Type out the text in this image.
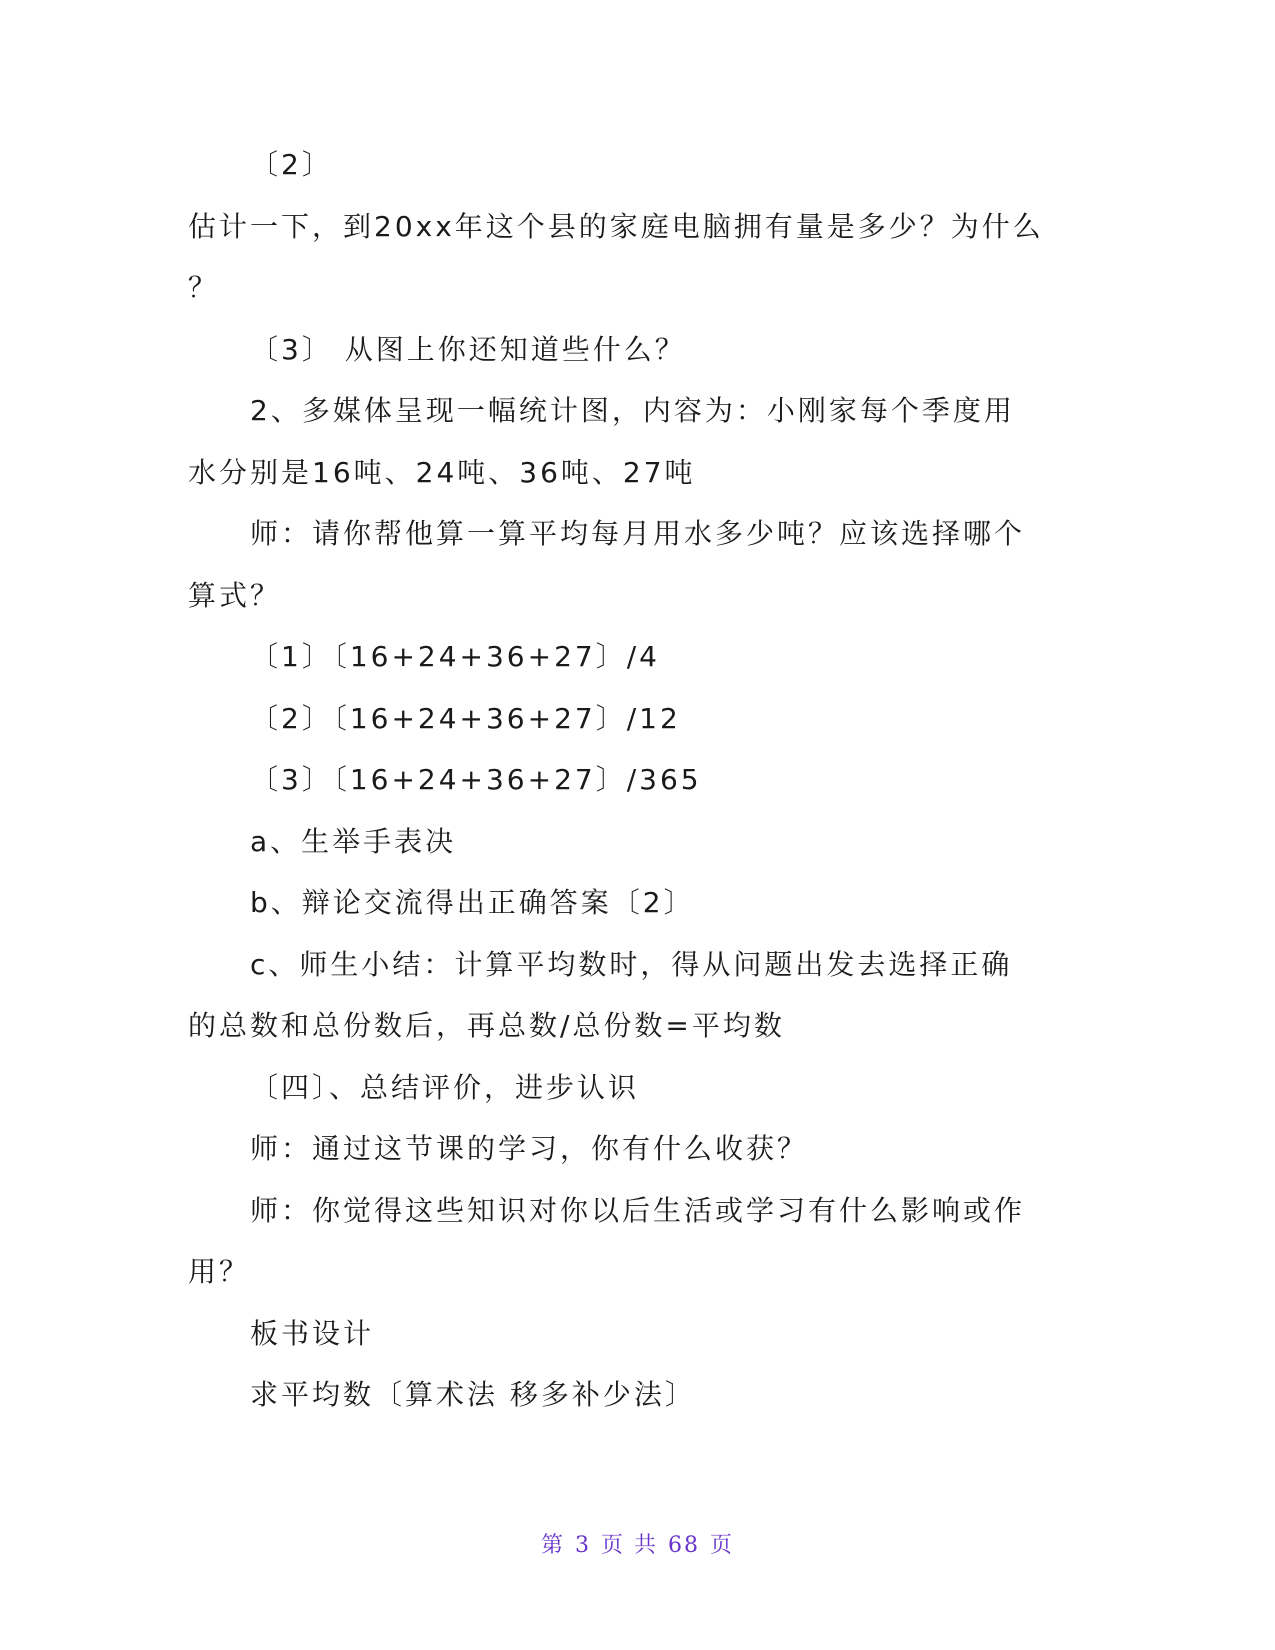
〔2〕
估计一下，到20xx年这个县的家庭电脑拥有量是多少？为什么
？
〔3〕 从图上你还知道些什么？
2、多媒体呈现一幅统计图，内容为：小刚家每个季度用
水分别是16吨、24吨、36吨、27吨
师：请你帮他算一算平均每月用水多少吨？应该选择哪个
算式？
〔1〕〔16+24+36+27〕/4
〔2〕〔16+24+36+27〕/12
〔3〕〔16+24+36+27〕/365
a、生举手表决
b、辩论交流得出正确答案〔2〕
c、师生小结：计算平均数时，得从问题出发去选择正确
的总数和总份数后，再总数/总份数=平均数
〔四〕、总结评价，进步认识
师：通过这节课的学习，你有什么收获？
师：你觉得这些知识对你以后生活或学习有什么影响或作
用？
板书设计
求平均数〔算术法 移多补少法〕
第 3 页 共 68 页
